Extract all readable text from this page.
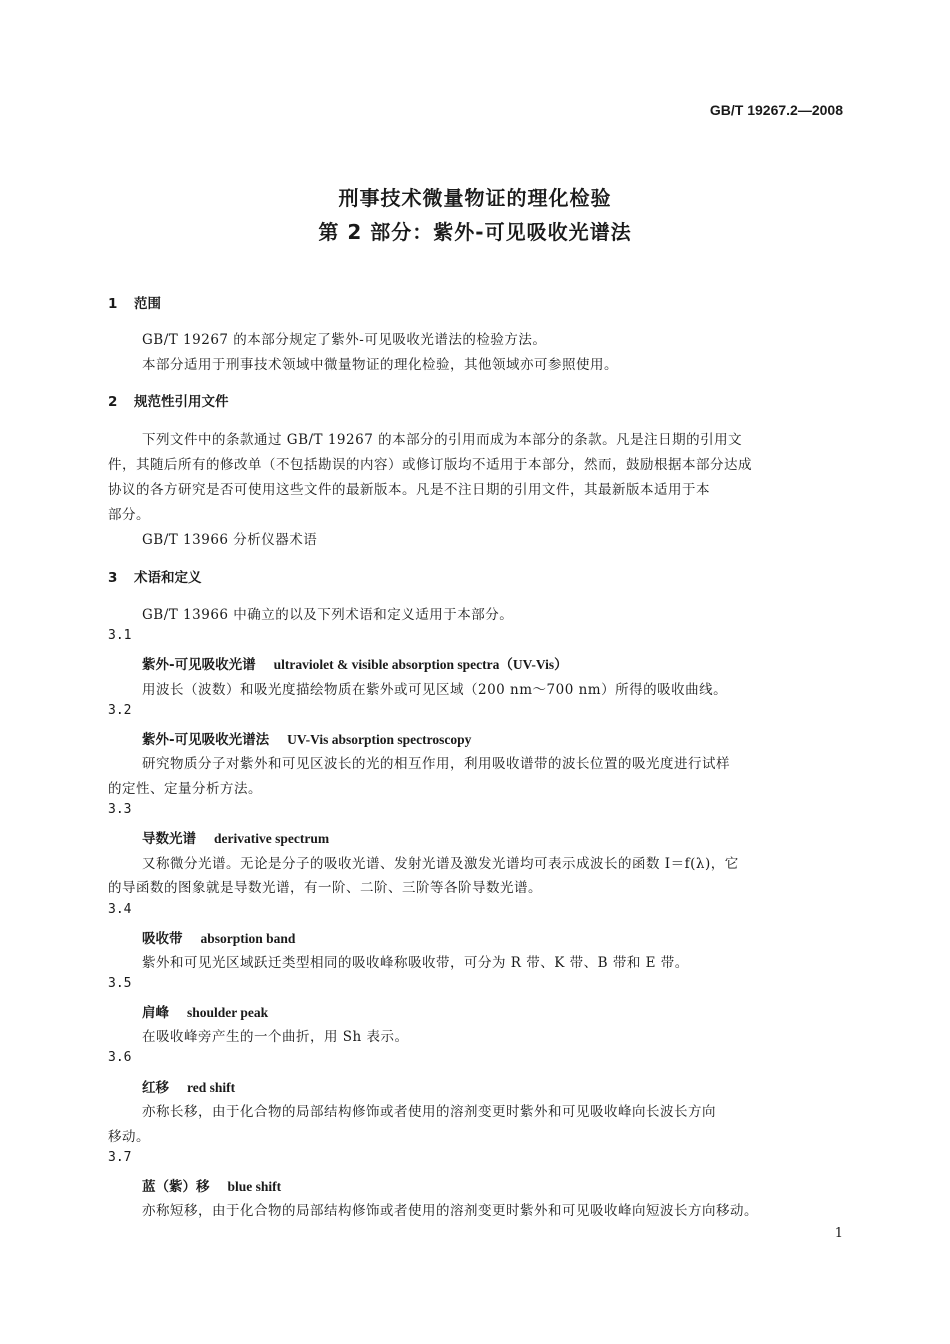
GB/T 19267.2—2008
刑事技术微量物证的理化检验
第 2 部分：紫外-可见吸收光谱法
1 范围
GB/T 19267 的本部分规定了紫外-可见吸收光谱法的检验方法。
本部分适用于刑事技术领域中微量物证的理化检验，其他领域亦可参照使用。
2 规范性引用文件
下列文件中的条款通过 GB/T 19267 的本部分的引用而成为本部分的条款。凡是注日期的引用文
件，其随后所有的修改单（不包括勘误的内容）或修订版均不适用于本部分，然而，鼓励根据本部分达成
协议的各方研究是否可使用这些文件的最新版本。凡是不注日期的引用文件，其最新版本适用于本
部分。
GB/T 13966 分析仪器术语
3 术语和定义
GB/T 13966 中确立的以及下列术语和定义适用于本部分。
3.1
紫外-可见吸收光谱 ultraviolet & visible absorption spectra（UV-Vis）
用波长（波数）和吸光度描绘物质在紫外或可见区域（200 nm～700 nm）所得的吸收曲线。
3.2
紫外-可见吸收光谱法 UV-Vis absorption spectroscopy
研究物质分子对紫外和可见区波长的光的相互作用，利用吸收谱带的波长位置的吸光度进行试样
的定性、定量分析方法。
3.3
导数光谱 derivative spectrum
又称微分光谱。无论是分子的吸收光谱、发射光谱及激发光谱均可表示成波长的函数 I＝f(λ)，它
的导函数的图象就是导数光谱，有一阶、二阶、三阶等各阶导数光谱。
3.4
吸收带 absorption band
紫外和可见光区域跃迁类型相同的吸收峰称吸收带，可分为 R 带、K 带、B 带和 E 带。
3.5
肩峰 shoulder peak
在吸收峰旁产生的一个曲折，用 Sh 表示。
3.6
红移 red shift
亦称长移，由于化合物的局部结构修饰或者使用的溶剂变更时紫外和可见吸收峰向长波长方向
移动。
3.7
蓝（紫）移 blue shift
亦称短移，由于化合物的局部结构修饰或者使用的溶剂变更时紫外和可见吸收峰向短波长方向移动。
1
